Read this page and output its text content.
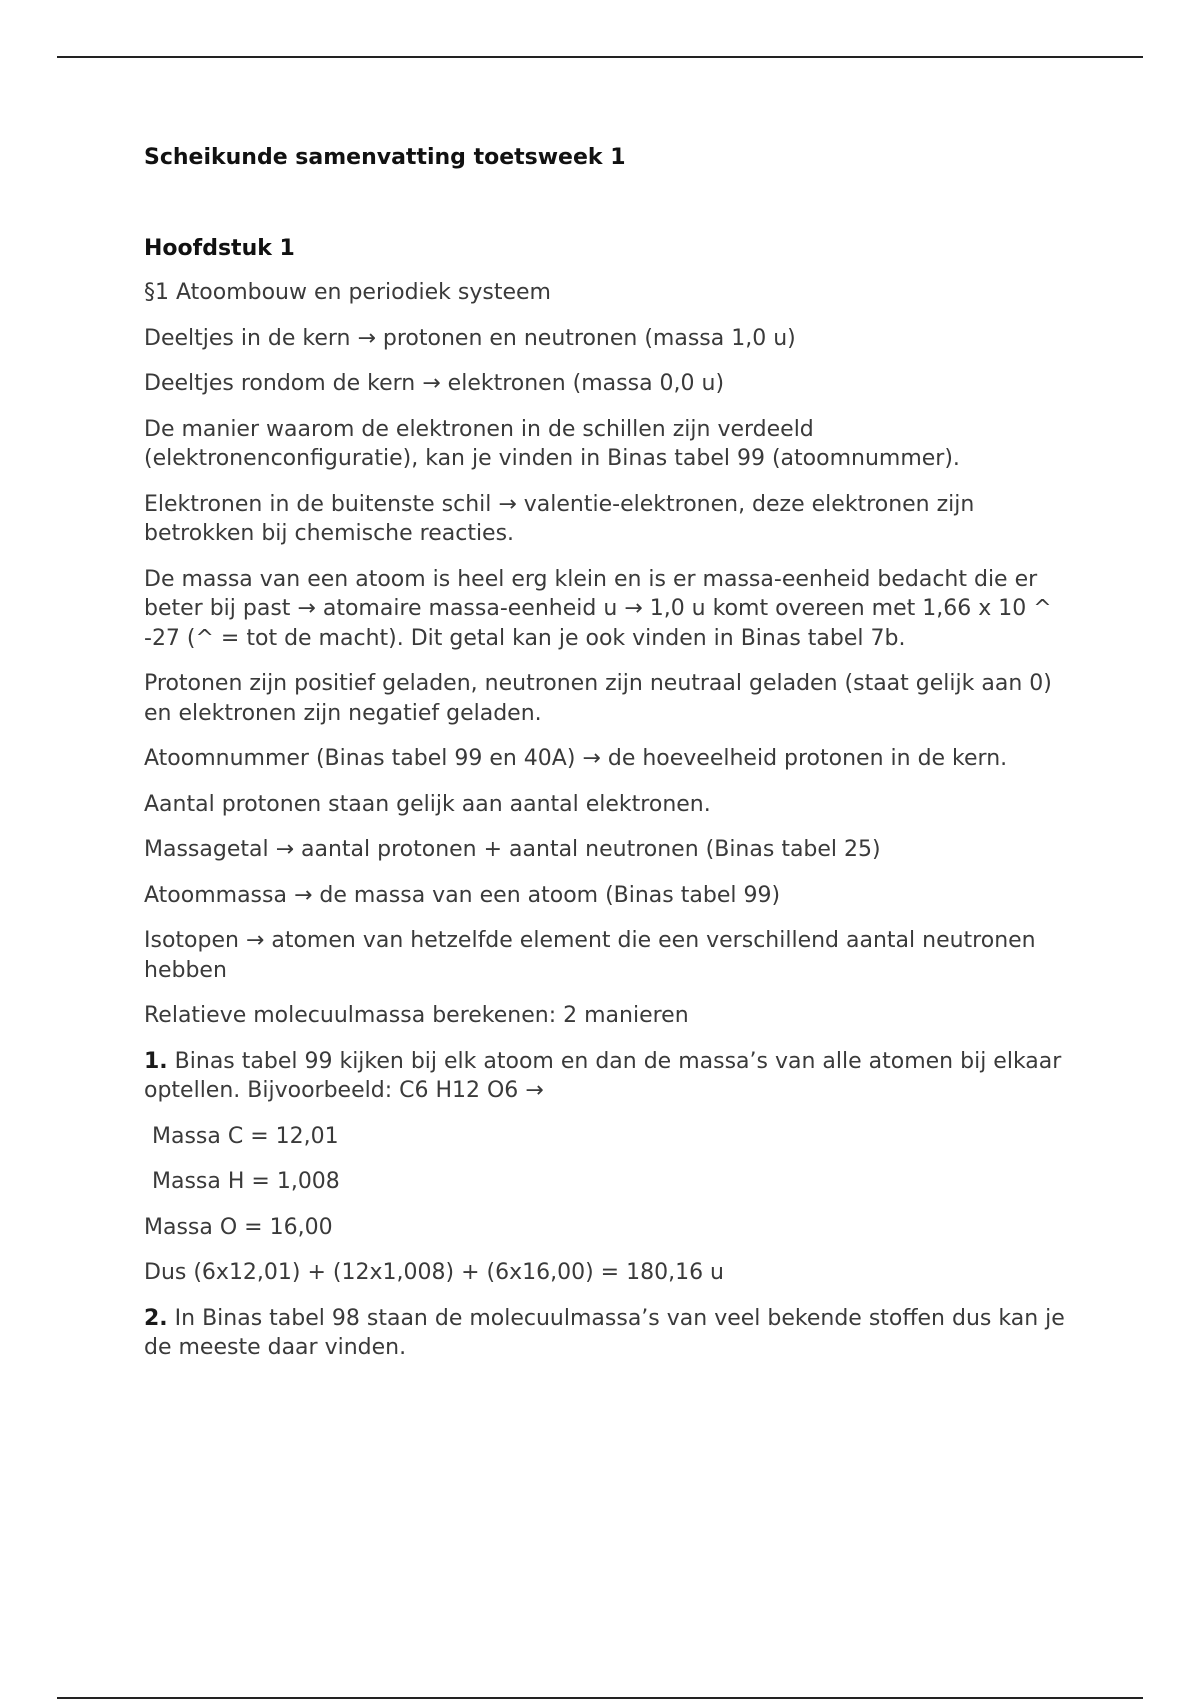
Scheikunde samenvatting toetsweek 1

Hoofdstuk 1

§1 Atoombouw en periodiek systeem

Deeltjes in de kern → protonen en neutronen (massa 1,0 u)

Deeltjes rondom de kern → elektronen (massa 0,0 u)

De manier waarom de elektronen in de schillen zijn verdeeld (elektronenconfiguratie), kan je vinden in Binas tabel 99 (atoomnummer).

Elektronen in de buitenste schil → valentie-elektronen, deze elektronen zijn betrokken bij chemische reacties.

De massa van een atoom is heel erg klein en is er massa-eenheid bedacht die er beter bij past → atomaire massa-eenheid u → 1,0 u komt overeen met 1,66 x 10 ^ -27 (^ = tot de macht). Dit getal kan je ook vinden in Binas tabel 7b.

Protonen zijn positief geladen, neutronen zijn neutraal geladen (staat gelijk aan 0) en elektronen zijn negatief geladen.

Atoomnummer (Binas tabel 99 en 40A) → de hoeveelheid protonen in de kern.

Aantal protonen staan gelijk aan aantal elektronen.

Massagetal → aantal protonen + aantal neutronen (Binas tabel 25)

Atoommassa → de massa van een atoom (Binas tabel 99)

Isotopen → atomen van hetzelfde element die een verschillend aantal neutronen hebben

Relatieve molecuulmassa berekenen: 2 manieren

1. Binas tabel 99 kijken bij elk atoom en dan de massa’s van alle atomen bij elkaar optellen. Bijvoorbeeld: C6 H12 O6 →

Massa C = 12,01

Massa H = 1,008

Massa O = 16,00

Dus (6x12,01) + (12x1,008) + (6x16,00) = 180,16 u

2. In Binas tabel 98 staan de molecuulmassa’s van veel bekende stoffen dus kan je de meeste daar vinden.
